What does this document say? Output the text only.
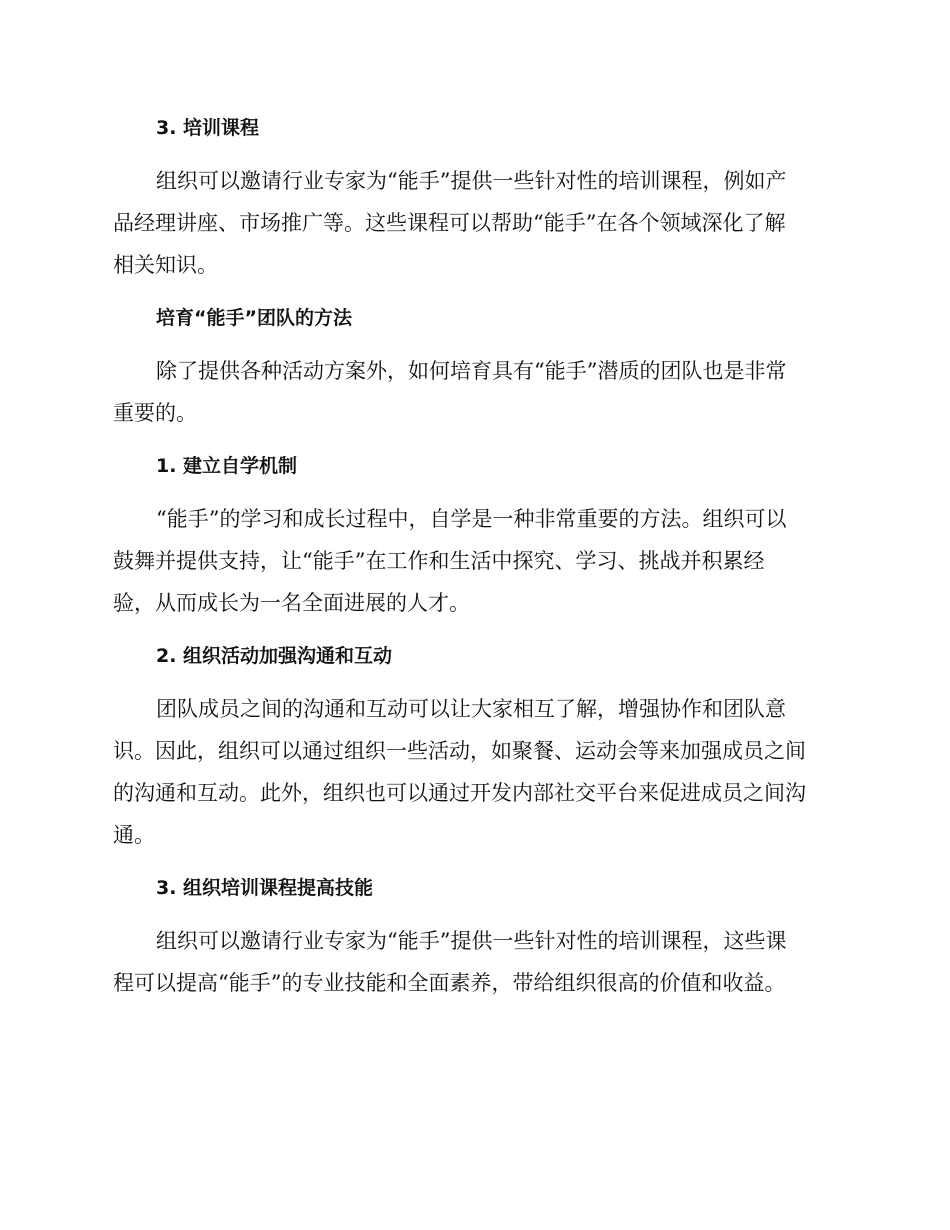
3. 培训课程

组织可以邀请行业专家为“能手”提供一些针对性的培训课程，例如产

品经理讲座、市场推广等。这些课程可以帮助“能手”在各个领域深化了解

相关知识。

培育“能手”团队的方法

除了提供各种活动方案外，如何培育具有“能手”潜质的团队也是非常

重要的。

1. 建立自学机制

“能手”的学习和成长过程中，自学是一种非常重要的方法。组织可以

鼓舞并提供支持，让“能手”在工作和生活中探究、学习、挑战并积累经

验，从而成长为一名全面进展的人才。

2. 组织活动加强沟通和互动

团队成员之间的沟通和互动可以让大家相互了解，增强协作和团队意

识。因此，组织可以通过组织一些活动，如聚餐、运动会等来加强成员之间

的沟通和互动。此外，组织也可以通过开发内部社交平台来促进成员之间沟

通。

3. 组织培训课程提高技能

组织可以邀请行业专家为“能手”提供一些针对性的培训课程，这些课

程可以提高“能手”的专业技能和全面素养，带给组织很高的价值和收益。
